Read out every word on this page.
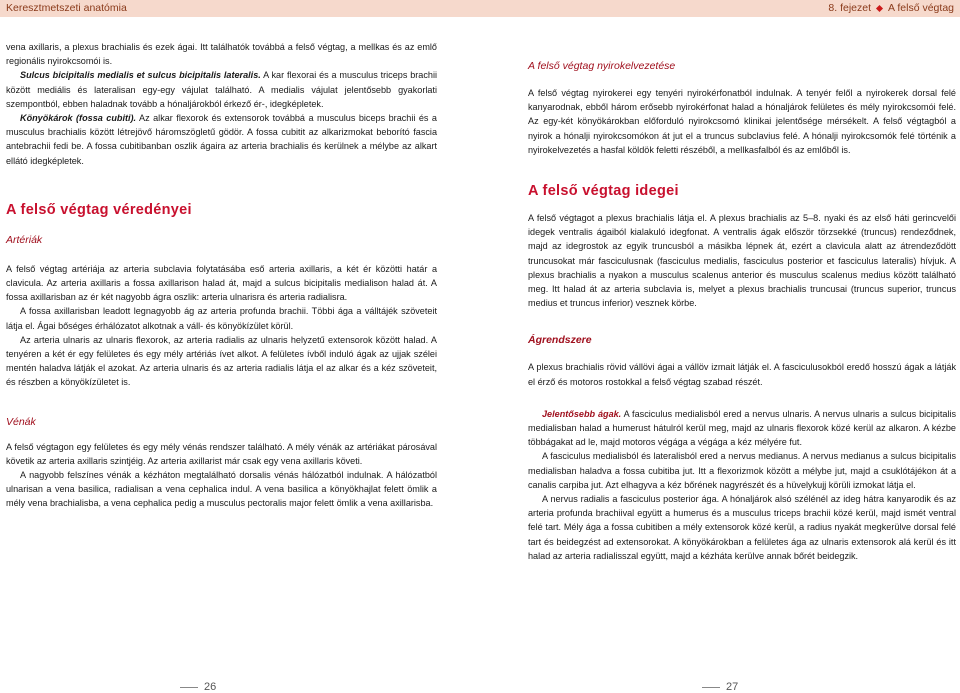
Keresztmetszeti anatómia	8. fejezet A felső végtag

vena axillaris, a plexus brachialis és ezek ágai. Itt találhatók továbbá a felső végtag, a mellkas és az emlő regionális nyirokcsomói is.

Sulcus bicipitalis medialis et sulcus bicipitalis lateralis. A kar flexorai és a musculus triceps brachii között mediális és lateralisan egy-egy vájulat található. A medialis vájulat jelentősebb gyakorlati szempontból, ebben haladnak tovább a hónaljárokból érkező ér-, idegképletek.

Könyökárok (fossa cubiti). Az alkar flexorok és extensorok továbbá a musculus biceps brachii és a musculus brachialis között létrejövő háromszögletű gödör. A fossa cubitit az alkarizmokat beborító fascia antebrachii fedi be. A fossa cubitibanban oszlik ágaira az arteria brachialis és kerülnek a mélybe az alkart ellátó idegképletek.

A felső végtag véredényei
Artériák

A felső végtag artériája az arteria subclavia folytatásába eső arteria axillaris, a két ér közötti határ a clavicula. Az arteria axillaris a fossa axillarison halad át, majd a sulcus bicipitalis medialison halad át. A fossa axillarisban az ér két nagyobb ágra oszlik: arteria ulnarisra és arteria radialisra.

A fossa axillarisban leadott legnagyobb ág az arteria profunda brachii. Többi ága a válltájék szöveteit látja el. Ágai bőséges érhálózatot alkotnak a váll- és könyökízület körül.

Az arteria ulnaris az ulnaris flexorok, az arteria radialis az ulnaris helyzetű extensorok között halad. A tenyéren a két ér egy felületes és egy mély artériás ívet alkot. A felületes ívből induló ágak az ujjak szélei mentén haladva látják el azokat. Az arteria ulnaris és az arteria radialis látja el az alkar és a kéz szöveteit, és részben a könyökízületet is.

Vénák

A felső végtagon egy felületes és egy mély vénás rendszer található. A mély vénák az artériákat párosával követik az arteria axillaris szintjéig. Az arteria axillarist már csak egy vena axillaris követi.

A nagyobb felszínes vénák a kézháton megtalálható dorsalis vénás hálózatból indulnak. A hálózatból ulnarisan a vena basilica, radialisan a vena cephalica indul. A vena basilica a könyökhajlat felett ömlik a mély vena brachialisba, a vena cephalica pedig a musculus pectoralis major felett ömlik a vena axillarisba.

A felső végtag nyirokelvezetése

A felső végtag nyirokerei egy tenyéri nyirokérfonatból indulnak. A tenyér felől a nyirokerek dorsal felé kanyarodnak, ebből három erősebb nyirokérfonat halad a hónaljárok felületes és mély nyirokcsomói felé. Az egy-két könyökárokban előforduló nyirokcsomó klinikai jelentősége mérsékelt. A felső végtagból a nyirok a hónalji nyirokcsomókon át jut el a truncus subclavius felé. A hónalji nyirokcsomók felé történik a nyirokelvezetés a hasfal köldök feletti részéből, a mellkasfalból és az emlőből is.

A felső végtag idegei

A felső végtagot a plexus brachialis látja el. A plexus brachialis az 5–8. nyaki és az első háti gerincvelői idegek ventralis ágaiból kialakuló idegfonat. A ventralis ágak először törzsekké (truncus) rendeződnek, majd az idegrostok az egyik truncusból a másikba lépnek át, ezért a clavicula alatt az átrendeződött truncusokat már fasciculusnak (fasciculus medialis, fasciculus posterior et fasciculus lateralis) hívjuk. A plexus brachialis a nyakon a musculus scalenus anterior és musculus scalenus medius között található meg. Itt halad át az arteria subclavia is, melyet a plexus brachialis truncusai (truncus superior, truncus medius et truncus inferior) vesznek körbe.

Ágrendszere

A plexus brachialis rövid vállövi ágai a vállöv izmait látják el. A fasciculusokból eredő hosszú ágak a látják el érző és motoros rostokkal a felső végtag szabad részét.

Jelentősebb ágak. A fasciculus medialisból ered a nervus ulnaris. A nervus ulnaris a sulcus bicipitalis medialisban halad a humerust hátulról kerül meg, majd az ulnaris flexorok közé kerül az alkaron. A kézbe többágakat ad le, majd motoros végága a végága a kéz mélyére fut.

A fasciculus medialisból és lateralisból ered a nervus medianus. A nervus medianus a sulcus bicipitalis medialisban haladva a fossa cubitiba jut. Itt a flexorizmok között a mélybe jut, majd a csuklótájékon át a canalis carpiba jut. Azt elhagyva a kéz bőrének nagyrészét és a hüvelykujj körüli izmokat látja el.

A nervus radialis a fasciculus posterior ága. A hónaljárok alsó szélénél az ideg hátra kanyarodik és az arteria profunda brachiival együtt a humerus és a musculus triceps brachii közé kerül, majd ismét ventral felé tart. Mély ága a fossa cubitiben a mély extensorok közé kerül, a radius nyakát megkerülve dorsal felé tart és beidegzést ad extensorokat. A könyökárokban a felületes ága az ulnaris extensorok alá kerül és itt halad az arteria radialisszal együtt, majd a kézháta kerülve annak bőrét beidegzik.

26	27
